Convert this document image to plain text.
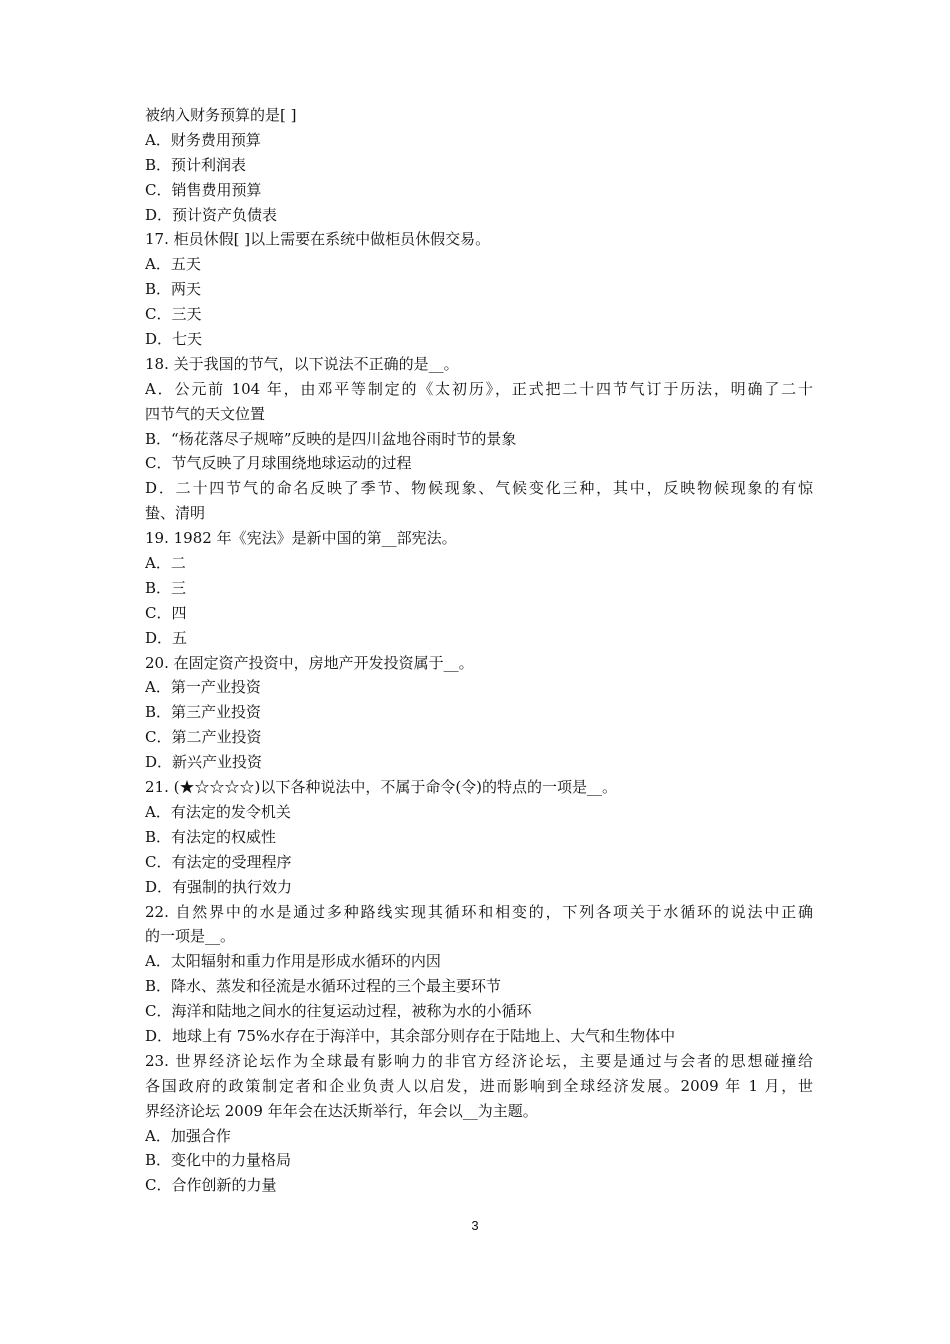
被纳入财务预算的是[ ]
A．财务费用预算
B．预计利润表
C．销售费用预算
D．预计资产负债表
17. 柜员休假[ ]以上需要在系统中做柜员休假交易。
A．五天
B．两天
C．三天
D．七天
18. 关于我国的节气，以下说法不正确的是__。
A．公元前 104 年，由邓平等制定的《太初历》，正式把二十四节气订于历法，明确了二十
四节气的天文位置
B．“杨花落尽子规啼”反映的是四川盆地谷雨时节的景象
C．节气反映了月球围绕地球运动的过程
D．二十四节气的命名反映了季节、物候现象、气候变化三种，其中，反映物候现象的有惊
蛰、清明
19. 1982 年《宪法》是新中国的第__部宪法。
A．二
B．三
C．四
D．五
20. 在固定资产投资中，房地产开发投资属于__。
A．第一产业投资
B．第三产业投资
C．第二产业投资
D．新兴产业投资
21. (★☆☆☆☆)以下各种说法中，不属于命令(令)的特点的一项是__。
A．有法定的发令机关
B．有法定的权威性
C．有法定的受理程序
D．有强制的执行效力
22. 自然界中的水是通过多种路线实现其循环和相变的，下列各项关于水循环的说法中正确
的一项是__。
A．太阳辐射和重力作用是形成水循环的内因
B．降水、蒸发和径流是水循环过程的三个最主要环节
C．海洋和陆地之间水的往复运动过程，被称为水的小循环
D．地球上有 75%水存在于海洋中，其余部分则存在于陆地上、大气和生物体中
23. 世界经济论坛作为全球最有影响力的非官方经济论坛，主要是通过与会者的思想碰撞给
各国政府的政策制定者和企业负责人以启发，进而影响到全球经济发展。2009 年 1 月，世
界经济论坛 2009 年年会在达沃斯举行，年会以__为主题。
A．加强合作
B．变化中的力量格局
C．合作创新的力量
3
